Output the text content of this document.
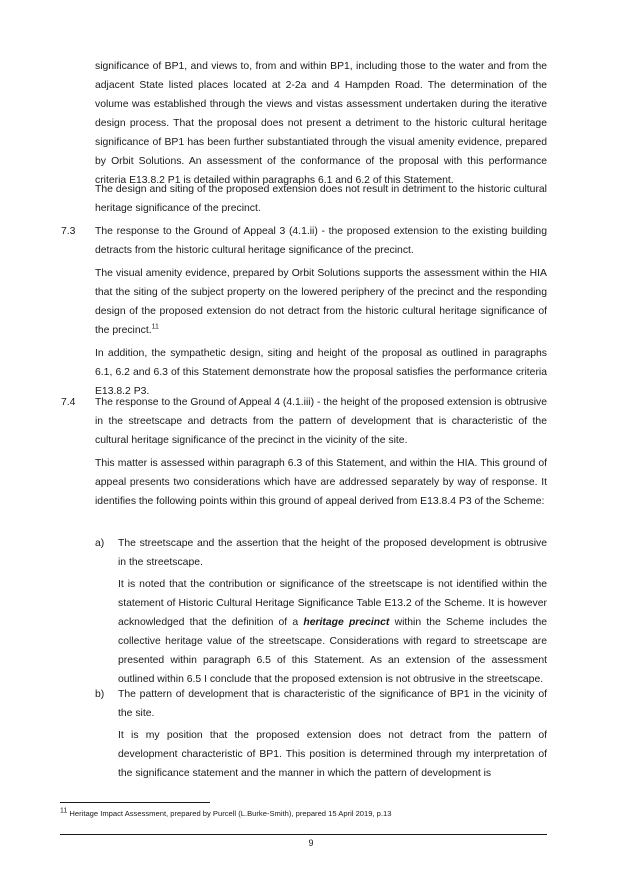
significance of BP1, and views to, from and within BP1, including those to the water and from the adjacent State listed places located at 2-2a and 4 Hampden Road. The determination of the volume was established through the views and vistas assessment undertaken during the iterative design process. That the proposal does not present a detriment to the historic cultural heritage significance of BP1 has been further substantiated through the visual amenity evidence, prepared by Orbit Solutions. An assessment of the conformance of the proposal with this performance criteria E13.8.2 P1 is detailed within paragraphs 6.1 and 6.2 of this Statement.

The design and siting of the proposed extension does not result in detriment to the historic cultural heritage significance of the precinct.

7.3 The response to the Ground of Appeal 3 (4.1.ii) - the proposed extension to the existing building detracts from the historic cultural heritage significance of the precinct.

The visual amenity evidence, prepared by Orbit Solutions supports the assessment within the HIA that the siting of the subject property on the lowered periphery of the precinct and the responding design of the proposed extension do not detract from the historic cultural heritage significance of the precinct.$^{11}$

In addition, the sympathetic design, siting and height of the proposal as outlined in paragraphs 6.1, 6.2 and 6.3 of this Statement demonstrate how the proposal satisfies the performance criteria E13.8.2 P3.

7.4 The response to the Ground of Appeal 4 (4.1.iii) - the height of the proposed extension is obtrusive in the streetscape and detracts from the pattern of development that is characteristic of the cultural heritage significance of the precinct in the vicinity of the site.

This matter is assessed within paragraph 6.3 of this Statement, and within the HIA. This ground of appeal presents two considerations which have are addressed separately by way of response. It identifies the following points within this ground of appeal derived from E13.8.4 P3 of the Scheme:

a) The streetscape and the assertion that the height of the proposed development is obtrusive in the streetscape.

It is noted that the contribution or significance of the streetscape is not identified within the statement of Historic Cultural Heritage Significance Table E13.2 of the Scheme. It is however acknowledged that the definition of a heritage precinct within the Scheme includes the collective heritage value of the streetscape. Considerations with regard to streetscape are presented within paragraph 6.5 of this Statement. As an extension of the assessment outlined within 6.5 I conclude that the proposed extension is not obtrusive in the streetscape.

b) The pattern of development that is characteristic of the significance of BP1 in the vicinity of the site.

It is my position that the proposed extension does not detract from the pattern of development characteristic of BP1. This position is determined through my interpretation of the significance statement and the manner in which the pattern of development is

$^{11}$ Heritage Impact Assessment, prepared by Purcell (L.Burke-Smith), prepared 15 April 2019, p.13

9
